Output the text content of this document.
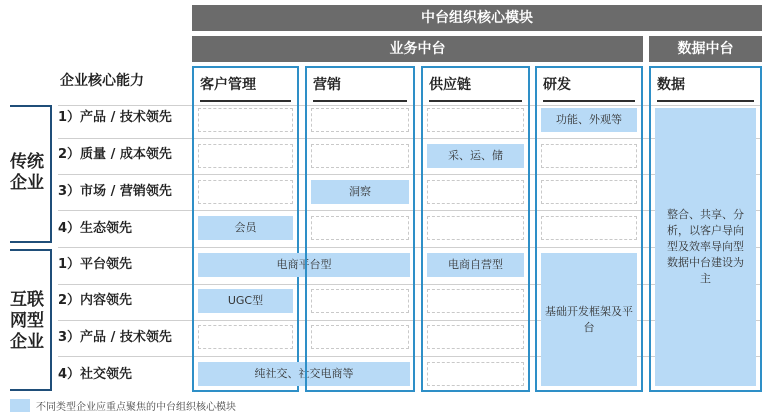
中台组织核心模块
业务中台	数据中台
企业核心能力
1）产品 / 技术领先
2）质量 / 成本领先
3）市场 / 营销领先
4）生态领先
1）平台领先
2）内容领先
3）产品 / 技术领先
4）社交领先
传统企业
互联网型企业
客户管理
会员
电商平台型
UGC型
纯社交、社交电商等
营销
洞察
供应链
采、运、储
电商自营型
研发
功能、外观等
基础开发框架及平台
数据
整合、共享、分析，以客户导向型及效率导向型数据中台建设为主
不同类型企业应重点聚焦的中台组织核心模块
